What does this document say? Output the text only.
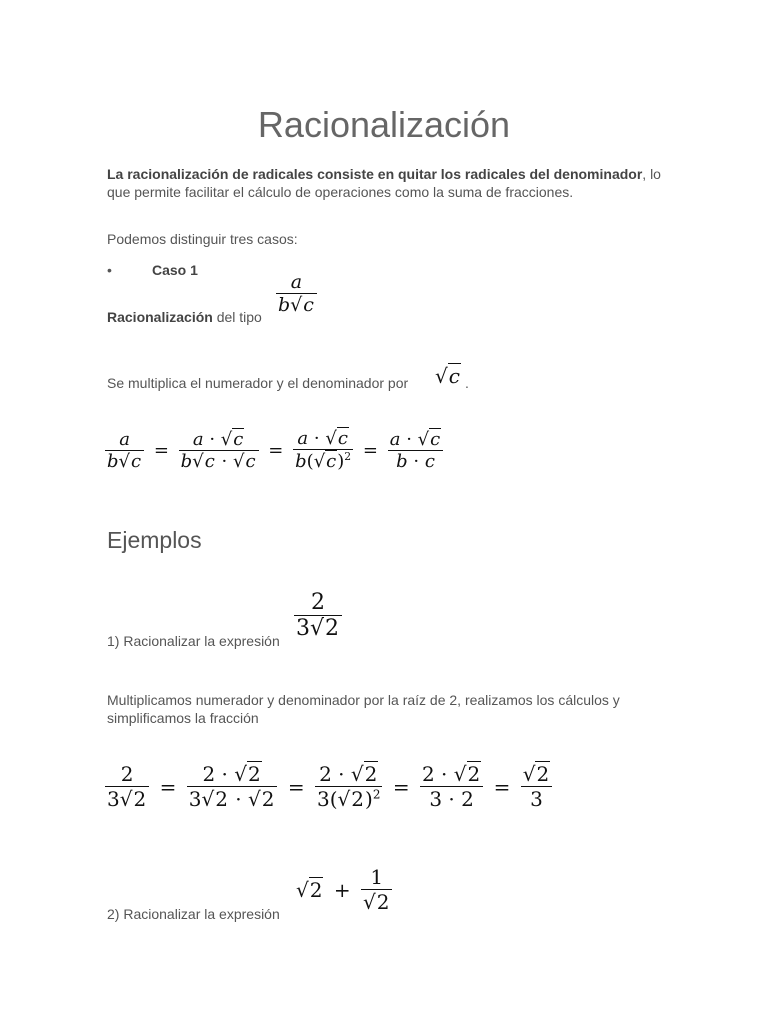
Racionalización
La racionalización de radicales consiste en quitar los radicales del denominador, lo que permite facilitar el cálculo de operaciones como la suma de fracciones.
Podemos distinguir tres casos:
•	Caso 1
Racionalización del tipo
$\frac{a}{b√c}$
Se multiplica el numerador y el denominador por	√c .
$\frac{a}{b√c} = \frac{a \cdot √c}{b√c \cdot √c} = \frac{a \cdot √c}{b(√c)^2} = \frac{a \cdot √c}{b \cdot c}$
Ejemplos
1) Racionalizar la expresión $\frac{2}{3√2}$
Multiplicamos numerador y denominador por la raíz de 2, realizamos los cálculos y simplificamos la fracción
$\frac{2}{3√2} = \frac{2 \cdot √2}{3√2 \cdot √2} = \frac{2 \cdot √2}{3(√2)^2} = \frac{2 \cdot √2}{3 \cdot 2} = \frac{√2}{3}$
2) Racionalizar la expresión
$√2 + \frac{1}{√2}$
